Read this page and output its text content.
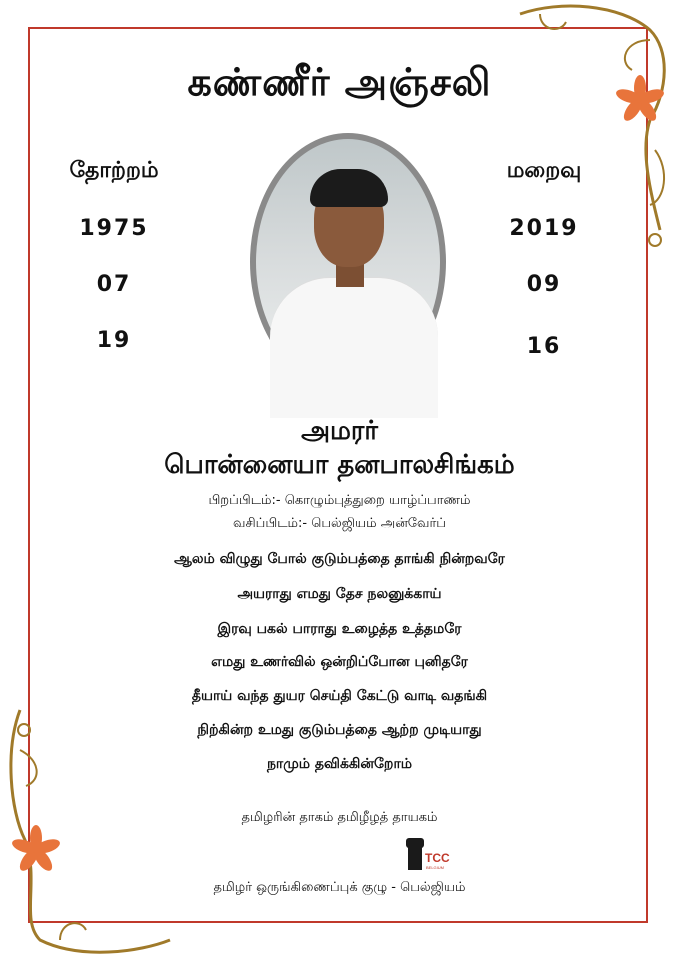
கண்ணீர் அஞ்சலி
தோற்றம்
1975
07
19
மறைவு
2019
09
16
அமரர்
பொன்னையா தனபாலசிங்கம்
பிறப்பிடம்:- கொழும்புத்துறை யாழ்ப்பாணம்
வசிப்பிடம்:- பெல்ஜியம் அன்வேர்ப்
ஆலம் விழுது போல் குடும்பத்தை தாங்கி நின்றவரே
அயராது எமது தேச நலனுக்காய்
இரவு பகல் பாராது உழைத்த உத்தமரே
எமது உணர்வில் ஒன்றிப்போன புனிதரே
தீயாய் வந்த துயர செய்தி கேட்டு வாடி வதங்கி
நிற்கின்ற உமது குடும்பத்தை ஆற்ற முடியாது
நாமும் தவிக்கின்றோம்
தமிழரின் தாகம் தமிழீழத் தாயகம்
TCC
BELGIUM
தமிழர் ஒருங்கிணைப்புக் குழு - பெல்ஜியம்
